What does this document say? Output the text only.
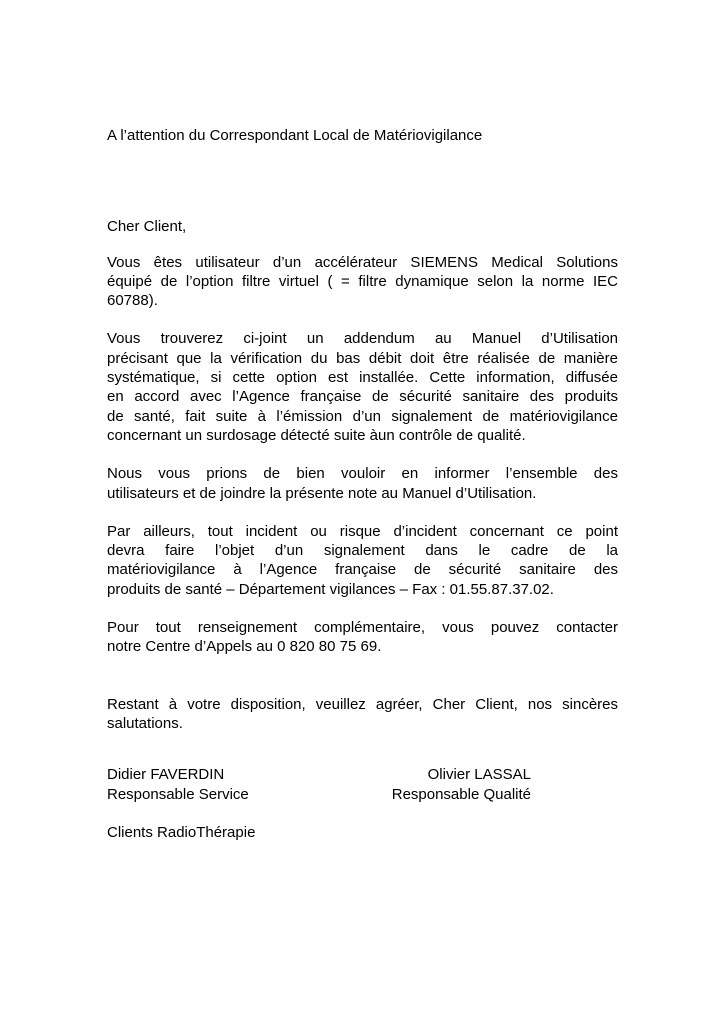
A l’attention du Correspondant Local de Matériovigilance
Cher Client,
Vous êtes utilisateur d’un accélérateur SIEMENS Medical Solutions
équipé de l’option filtre virtuel ( = filtre dynamique selon la norme IEC
60788).
Vous trouverez ci-joint un addendum au Manuel d’Utilisation
précisant que la vérification du bas débit doit être réalisée de manière
systématique, si cette option est installée. Cette information, diffusée
en accord avec l’Agence française de sécurité sanitaire des produits
de santé, fait suite à l’émission d’un signalement de matériovigilance
concernant un surdosage détecté suite àun contrôle de qualité.
Nous vous prions de bien vouloir en informer l’ensemble des
utilisateurs et de joindre la présente note au Manuel d’Utilisation.
Par ailleurs, tout incident ou risque d’incident concernant ce point
devra faire l’objet d’un signalement dans le cadre de la
matériovigilance à l’Agence française de sécurité sanitaire des
produits de santé – Département vigilances – Fax : 01.55.87.37.02.
Pour tout renseignement complémentaire, vous pouvez contacter
notre Centre d’Appels au 0 820 80 75 69.
Restant à votre disposition, veuillez agréer, Cher Client, nos sincères
salutations.
Didier FAVERDIN	Olivier LASSAL
Responsable Service	Responsable Qualité
Clients RadioThérapie
